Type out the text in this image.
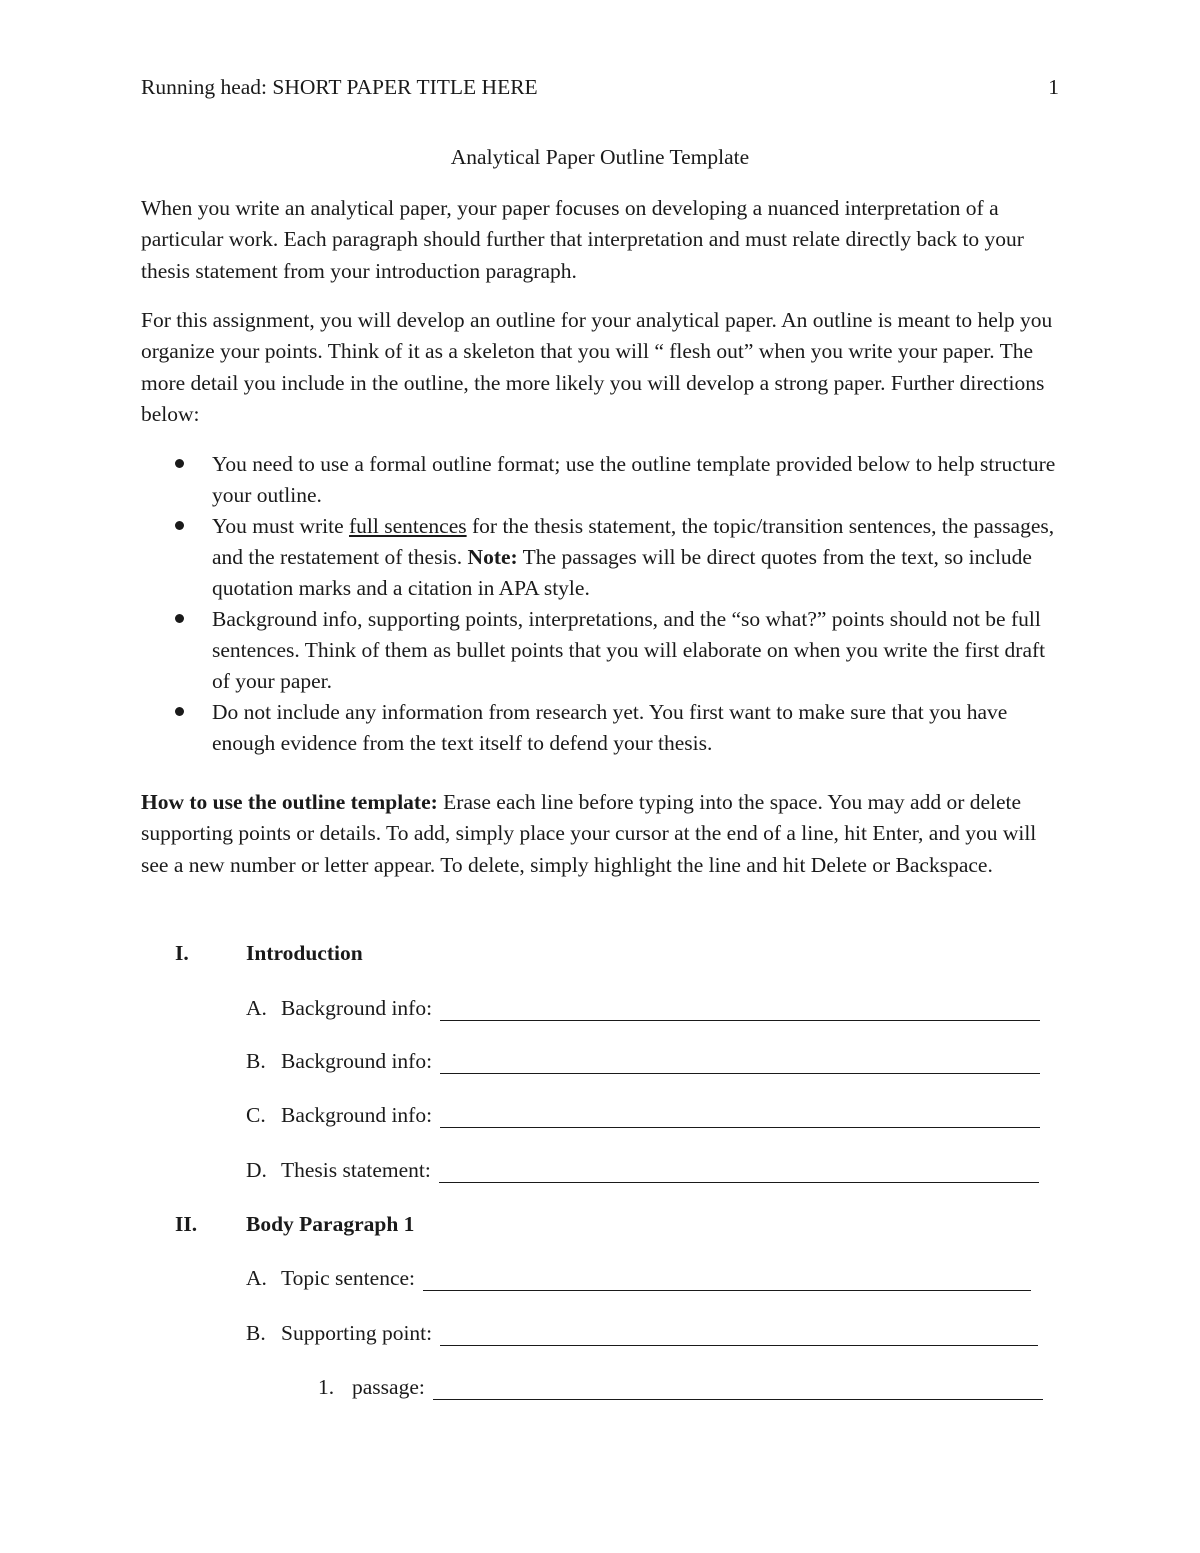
Running head: SHORT PAPER TITLE HERE	1
Analytical Paper Outline Template

When you write an analytical paper, your paper focuses on developing a nuanced interpretation of a particular work. Each paragraph should further that interpretation and must relate directly back to your thesis statement from your introduction paragraph.

For this assignment, you will develop an outline for your analytical paper. An outline is meant to help you organize your points. Think of it as a skeleton that you will “ flesh out” when you write your paper. The more detail you include in the outline, the more likely you will develop a strong paper. Further directions below:

You need to use a formal outline format; use the outline template provided below to help structure your outline.
You must write full sentences for the thesis statement, the topic/transition sentences, the passages, and the restatement of thesis. Note: The passages will be direct quotes from the text, so include quotation marks and a citation in APA style.
Background info, supporting points, interpretations, and the “so what?” points should not be full sentences. Think of them as bullet points that you will elaborate on when you write the first draft of your paper.
Do not include any information from research yet. You first want to make sure that you have enough evidence from the text itself to defend your thesis.

How to use the outline template: Erase each line before typing into the space. You may add or delete supporting points or details. To add, simply place your cursor at the end of a line, hit Enter, and you will see a new number or letter appear. To delete, simply highlight the line and hit Delete or Backspace.

I.	Introduction
A. Background info:
B. Background info:
C. Background info:
D. Thesis statement:
II.	Body Paragraph 1
A. Topic sentence:
B. Supporting point:
1. passage:
